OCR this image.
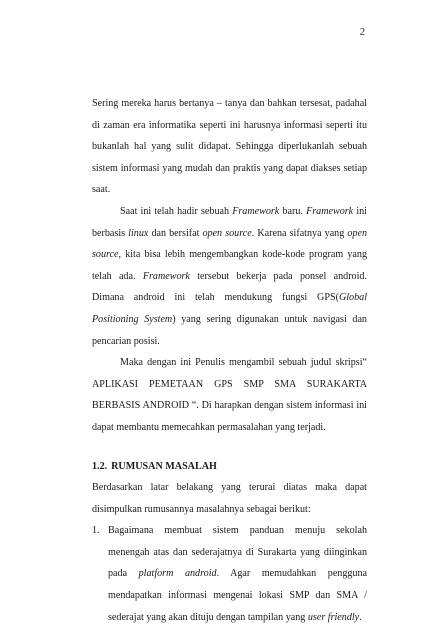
2

Sering mereka harus bertanya – tanya dan bahkan tersesat, padahal di zaman era informatika seperti ini harusnya informasi seperti itu bukanlah hal yang sulit didapat. Sehingga diperlukanlah sebuah sistem informasi yang mudah dan praktis yang dapat diakses setiap saat.

Saat ini telah hadir sebuah Framework baru. Framework ini berbasis linux dan bersifat open source. Karena sifatnya yang open source, kita bisa lebih mengembangkan kode-kode program yang telah ada. Framework tersebut bekerja pada ponsel android. Dimana android ini telah mendukung fungsi GPS(Global Positioning System) yang sering digunakan untuk navigasi dan pencarian posisi.

Maka dengan ini Penulis mengambil sebuah judul skripsi“ APLIKASI PEMETAAN GPS SMP SMA SURAKARTA BERBASIS ANDROID “. Di harapkan dengan sistem informasi ini dapat membantu memecahkan permasalahan yang terjadi.

1.2. RUMUSAN MASALAH

Berdasarkan latar belakang yang terurai diatas maka dapat disimpulkan rumusannya masalahnya sebagai berikut:

1. Bagaimana membuat sistem panduan menuju sekolah menengah atas dan sederajatnya di Surakarta yang diinginkan pada platform android. Agar memudahkan pengguna mendapatkan informasi mengenai lokasi SMP dan SMA / sederajat yang akan dituju dengan tampilan yang user friendly.
